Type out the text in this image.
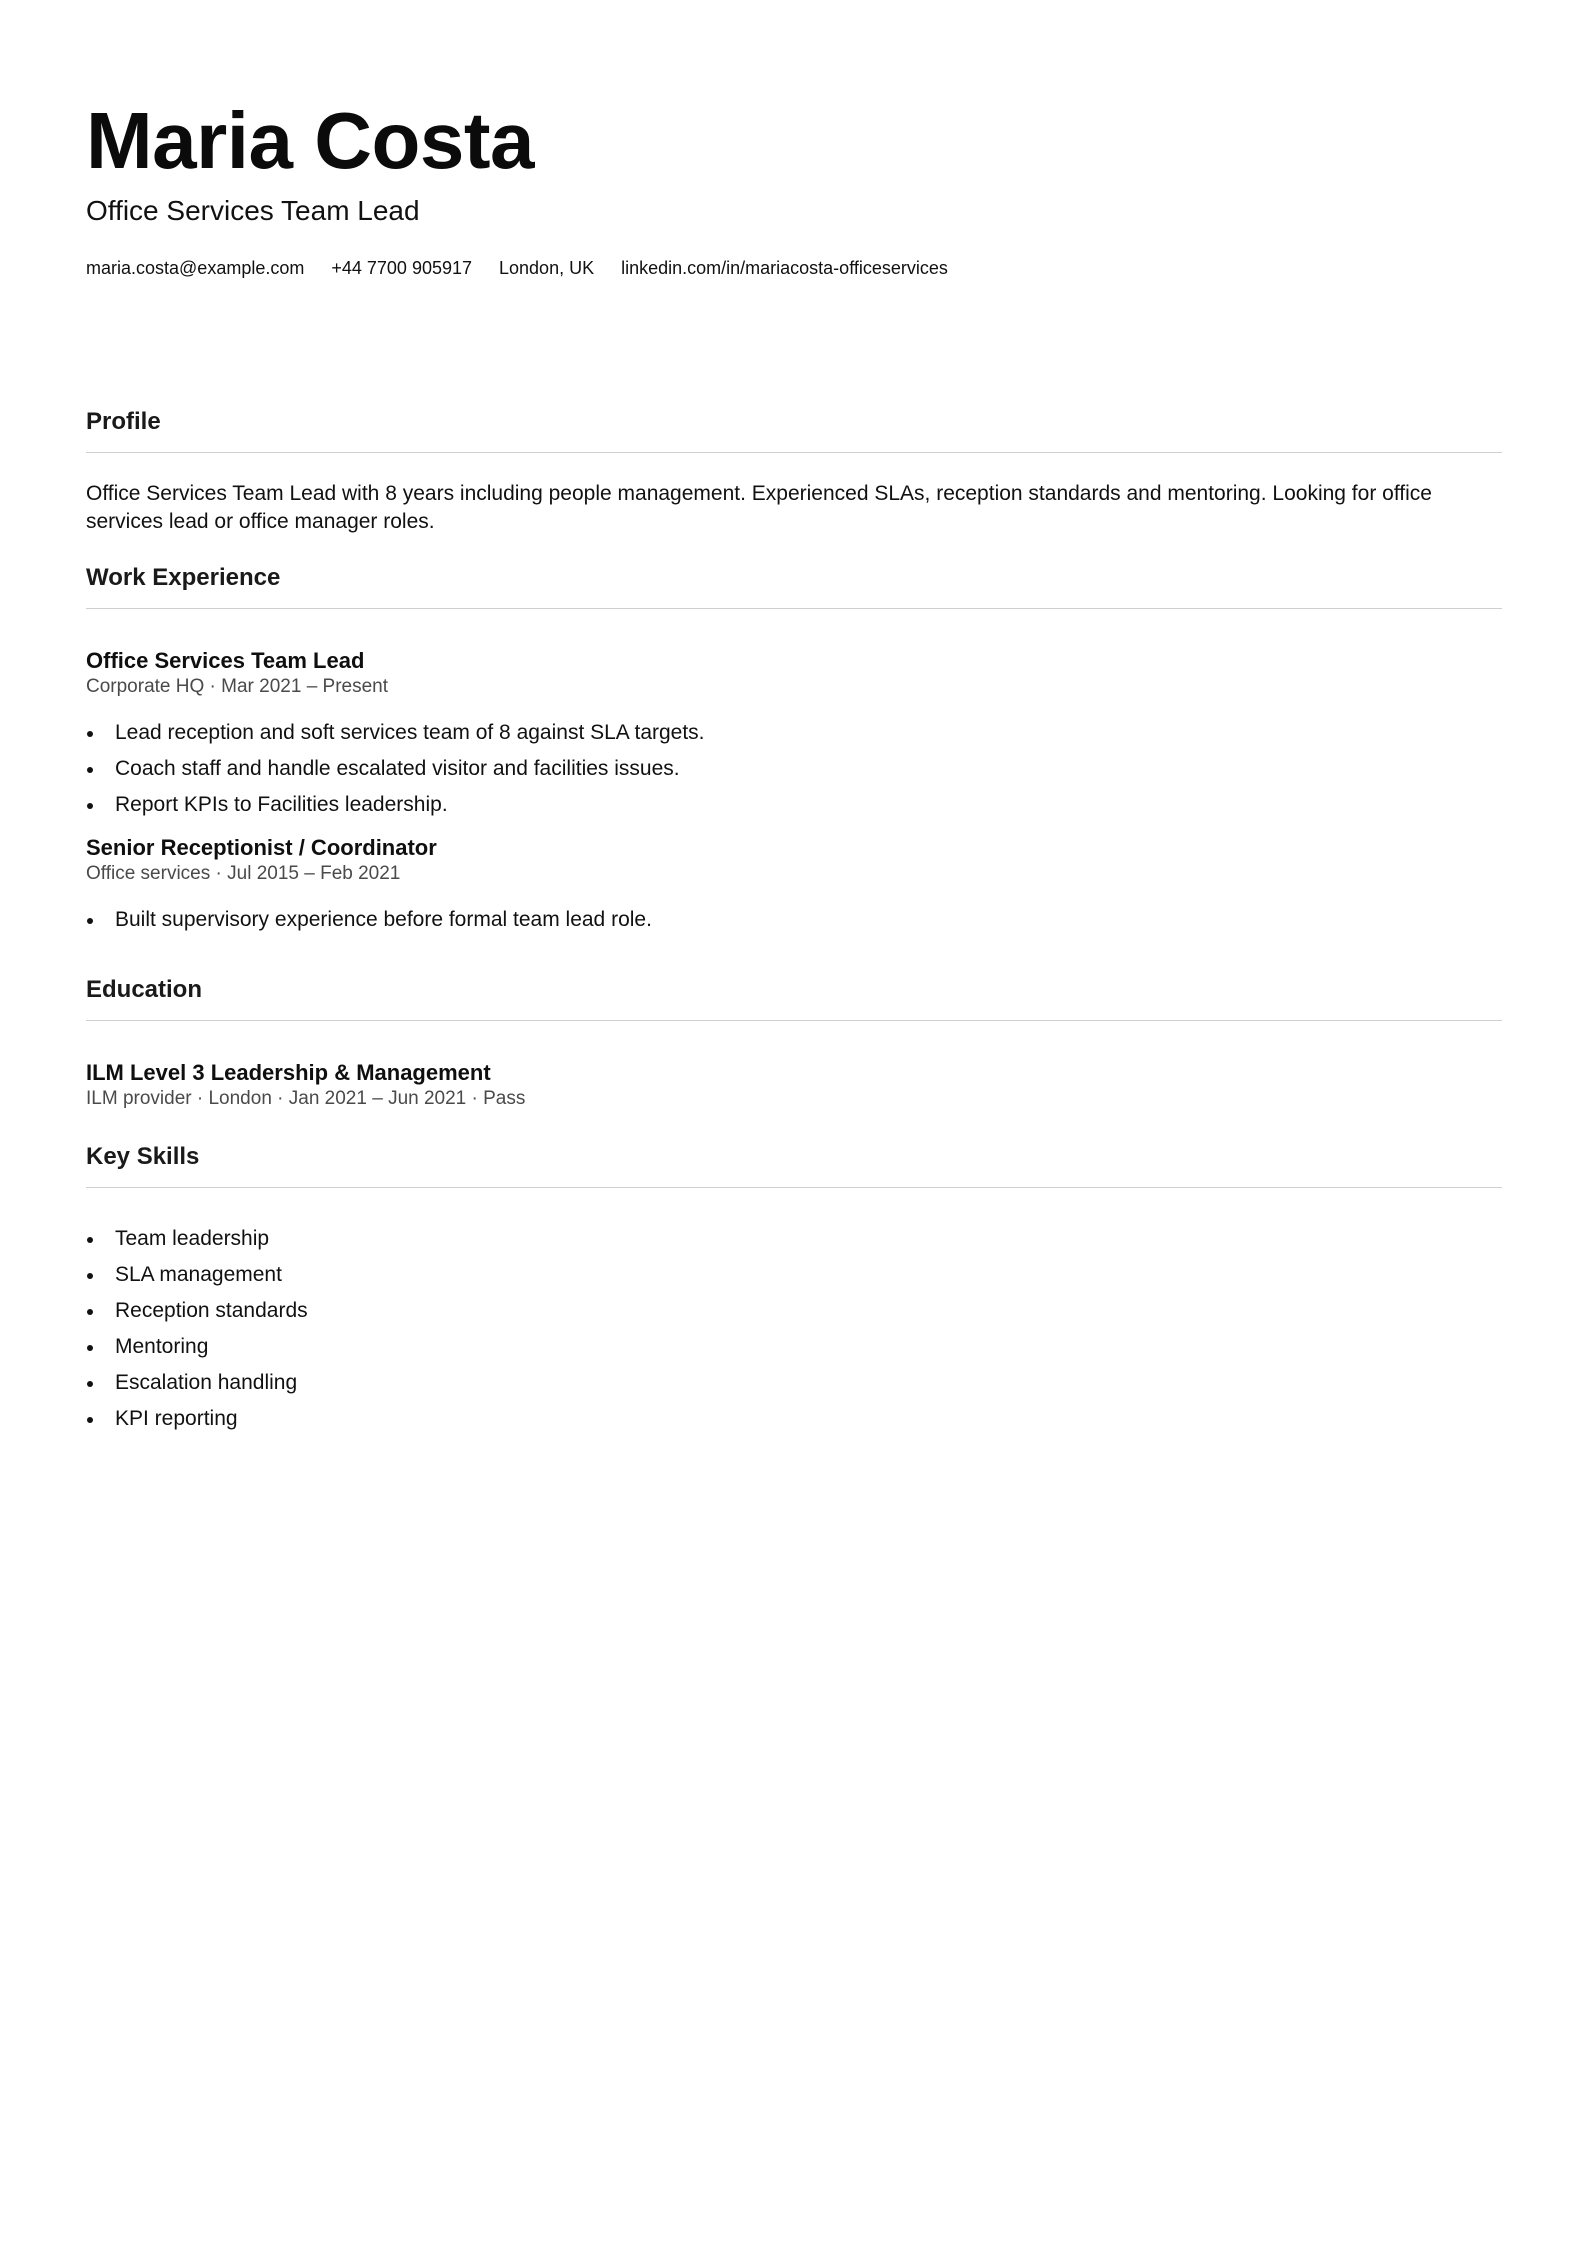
Maria Costa
Office Services Team Lead
maria.costa@example.com +44 7700 905917 London, UK linkedin.com/in/mariacosta-officeservices
Profile
Office Services Team Lead with 8 years including people management. Experienced SLAs, reception standards and mentoring. Looking for office services lead or office manager roles.
Work Experience
Office Services Team Lead
Corporate HQ · Mar 2021 – Present
Lead reception and soft services team of 8 against SLA targets.
Coach staff and handle escalated visitor and facilities issues.
Report KPIs to Facilities leadership.
Senior Receptionist / Coordinator
Office services · Jul 2015 – Feb 2021
Built supervisory experience before formal team lead role.
Education
ILM Level 3 Leadership & Management
ILM provider · London · Jan 2021 – Jun 2021 · Pass
Key Skills
Team leadership
SLA management
Reception standards
Mentoring
Escalation handling
KPI reporting
